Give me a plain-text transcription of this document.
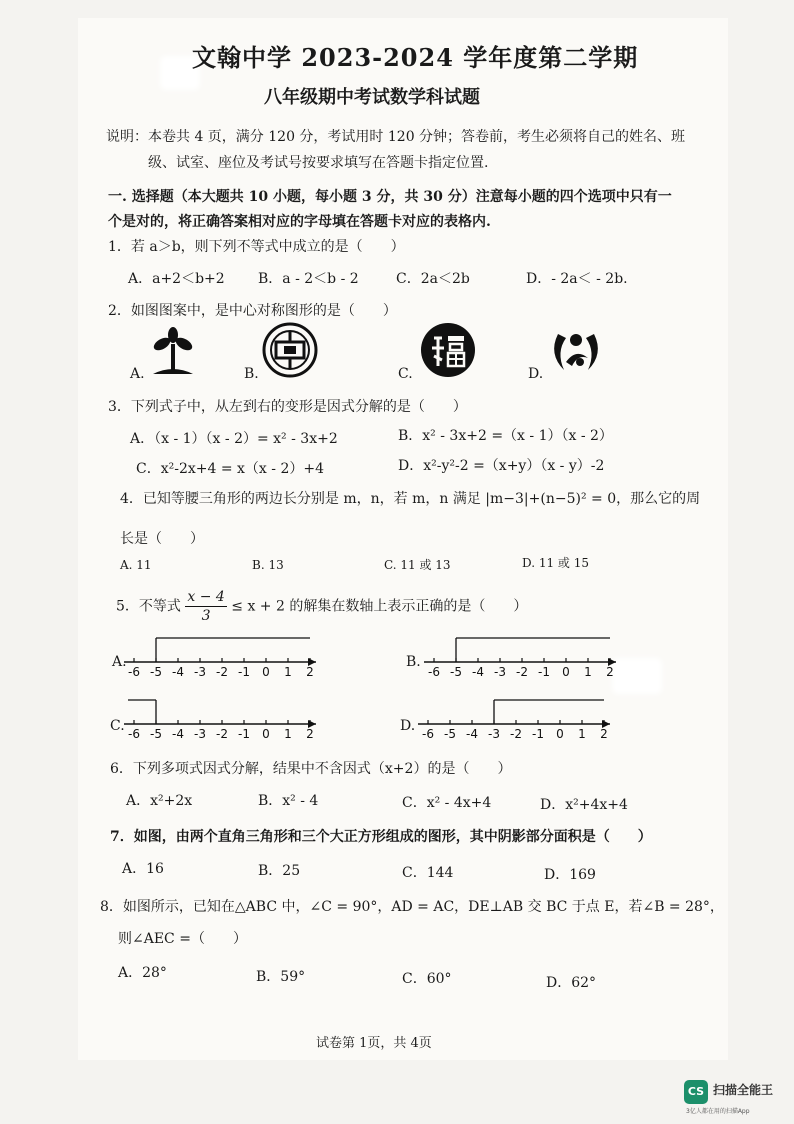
文翰中学 2023-2024 学年度第二学期
八年级期中考试数学科试题
说明：本卷共 4 页，满分 120 分，考试用时 120 分钟；答卷前，考生必须将自己的姓名、班
级、试室、座位及考试号按要求填写在答题卡指定位置.
一. 选择题（本大题共 10 小题，每小题 3 分，共 30 分）注意每小题的四个选项中只有一
个是对的，将正确答案相对应的字母填在答题卡对应的表格内.
1．若 a＞b，则下列不等式中成立的是（　　）
A．a+2＜b+2 B．a - 2＜b - 2	C．2a＜2b	D．- 2a＜ - 2b.
2．如图图案中，是中心对称图形的是（　　）
A.	B.	C.	D.
3．下列式子中，从左到右的变形是因式分解的是（　　）
A．（x - 1）（x - 2）= x² - 3x+2	B．x² - 3x+2 =（x - 1）（x - 2）
C．x²-2x+4 = x（x - 2）+4	D．x²-y²-2 =（x+y）（x - y）-2
4．已知等腰三角形的两边长分别是 m，n，若 m，n 满足 |m−3|+(n−5)² = 0，那么它的周
长是（　　）
A. 11	B. 13	C. 11 或 13	D. 11 或 15
5．不等式 $\frac{x - 4}{3} \le x + 2$ 的解集在数轴上表示正确的是（　　）
A.	B.
C.	D.
-6 -5 -4 -3 -2 -1 0 1 2	-6 -5 -4 -3 -2 -1 0 1 2
-6 -5 -4 -3 -2 -1 0 1 2	-6 -5 -4 -3 -2 -1 0 1 2
6．下列多项式因式分解，结果中不含因式（x+2）的是（　　）
A．x²+2x	B．x² - 4	C．x² - 4x+4	D．x²+4x+4
7．如图，由两个直角三角形和三个大正方形组成的图形，其中阴影部分面积是（　　）
A．16	B．25	C．144	D．169
8．如图所示，已知在△ABC 中，∠C = 90°，AD = AC，DE⊥AB 交 BC 于点 E，若∠B = 28°，
则∠AEC =（　　）
A．28°	B．59°	C．60°	D．62°
试卷第 1页，共 4页
CS 扫描全能王
3亿人都在用的扫描App
